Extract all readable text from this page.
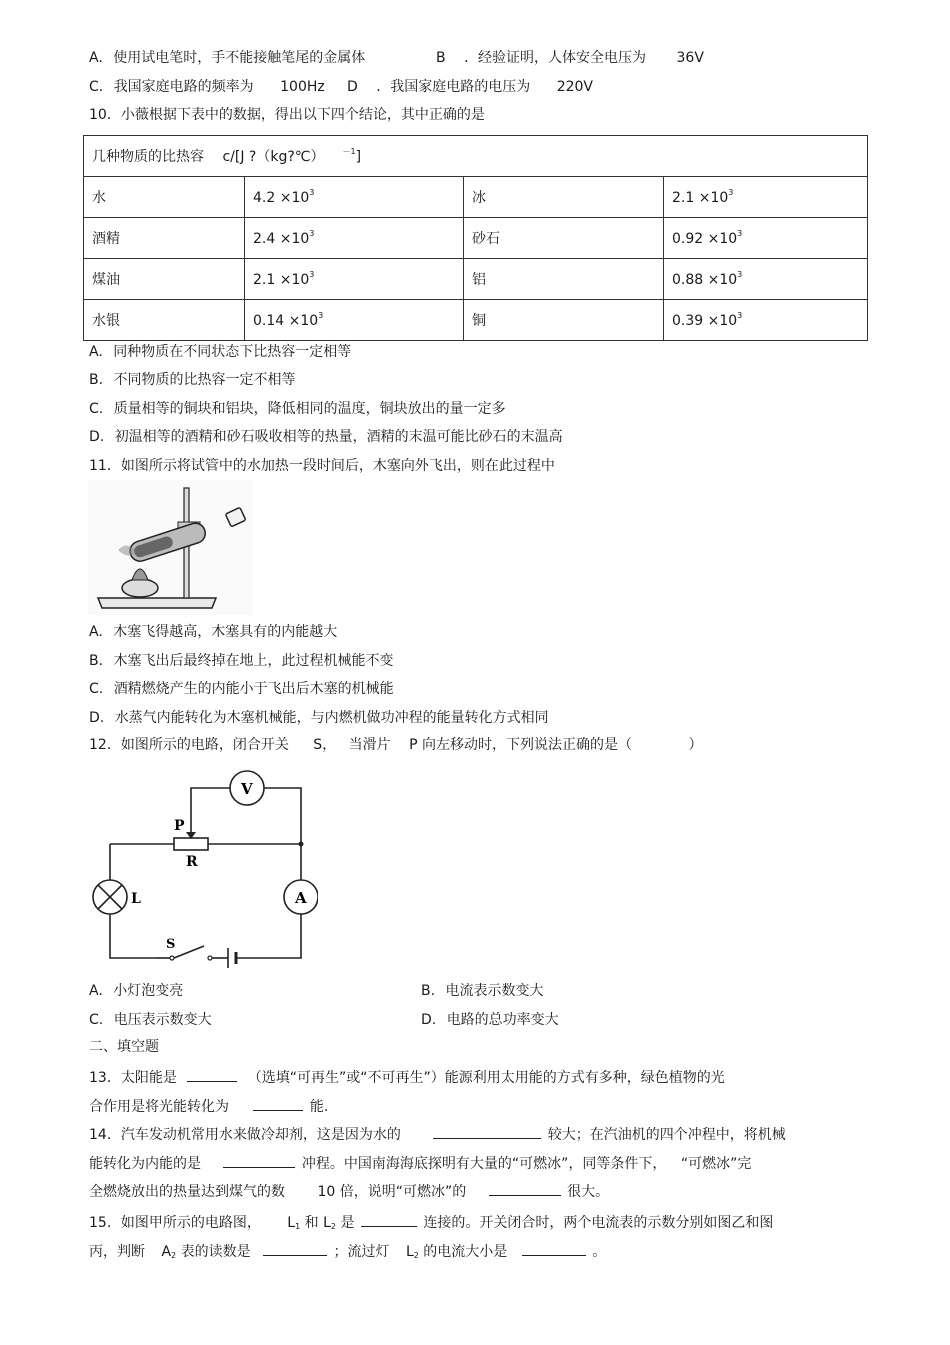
A. 使用试电笔时，手不能接触笔尾的金属体	B ．经验证明，人体安全电压为 36V
C. 我国家庭电路的频率为 100Hz D ．我国家庭电路的电压为 220V
10．小薇根据下表中的数据，得出以下四个结论，其中正确的是
几种物质的比热容 c/[J ?（kg?℃） $^{-1}$]			
水	$4.2 \times 10^3$	冰	$2.1 \times 10^3$
酒精	$2.4 \times 10^3$	砂石	$0.92 \times 10^3$
煤油	$2.1 \times 10^3$	铝	$0.88 \times 10^3$
水银	$0.14 \times 10^3$	铜	$0.39 \times 10^3$
A. 同种物质在不同状态下比热容一定相等
B. 不同物质的比热容一定不相等
C. 质量相等的铜块和铝块，降低相同的温度，铜块放出的量一定多
D. 初温相等的酒精和砂石吸收相等的热量，酒精的末温可能比砂石的末温高
11．如图所示将试管中的水加热一段时间后，木塞向外飞出，则在此过程中
A. 木塞飞得越高，木塞具有的内能越大
B. 木塞飞出后最终掉在地上，此过程机械能不变
C. 酒精燃烧产生的内能小于飞出后木塞的机械能
D. 水蒸气内能转化为木塞机械能，与内燃机做功冲程的能量转化方式相同
12．如图所示的电路，闭合开关 S， 当滑片 P 向左移动时，下列说法正确的是（	）
V
A
P
R
L
S
A. 小灯泡变亮	B. 电流表示数变大
C. 电压表示数变大	D. 电路的总功率变大
二、填空题
13．太阳能是	（选填“可再生”或“不可再生”）能源利用太用能的方式有多种，绿色植物的光
合作用是将光能转化为	能.
14．汽车发动机常用水来做冷却剂，这是因为水的	较大；在汽油机的四个冲程中，将机械
能转化为内能的是	冲程。中国南海海底探明有大量的“可燃冰”，同等条件下， “可燃冰”完
全燃烧放出的热量达到煤气的数 10 倍，说明“可燃冰”的	很大。
15．如图甲所示的电路图， $L_1$ 和 $L_2$ 是	连接的。开关闭合时，两个电流表的示数分别如图乙和图
丙，判断 $A_2$ 表的读数是	；流过灯 $L_2$ 的电流大小是	。
